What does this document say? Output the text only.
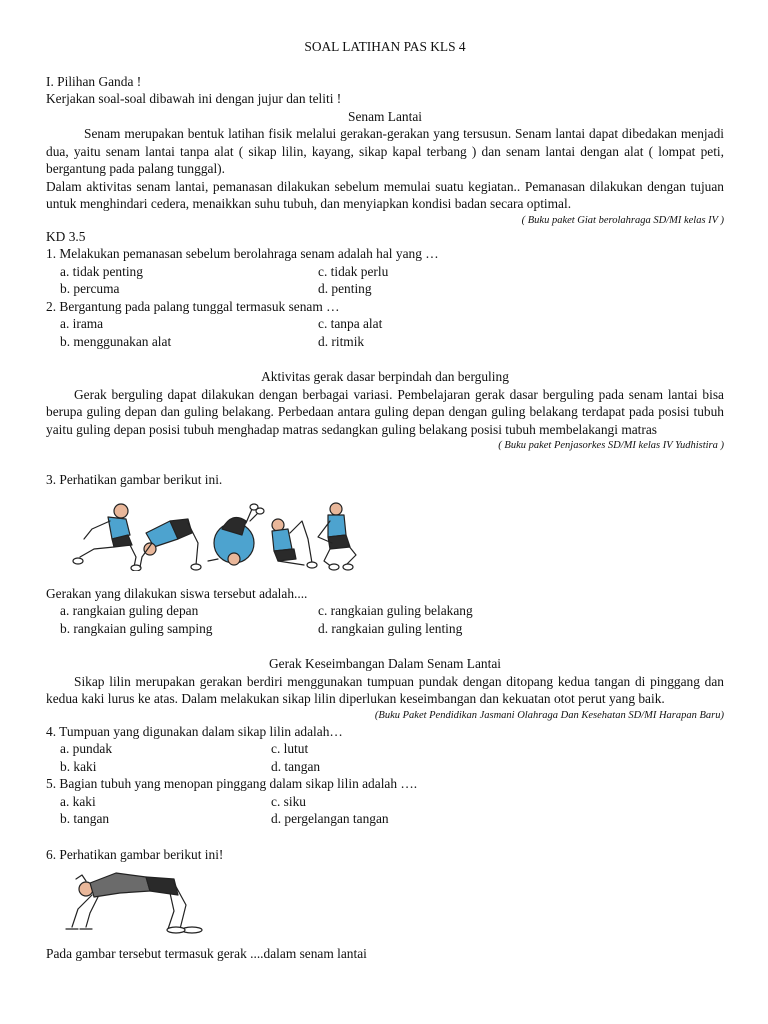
SOAL LATIHAN PAS KLS 4

I. Pilihan Ganda !

Kerjakan soal-soal dibawah ini dengan jujur dan teliti !

Senam Lantai

Senam merupakan bentuk latihan fisik melalui gerakan-gerakan yang tersusun. Senam lantai dapat dibedakan menjadi dua, yaitu senam lantai tanpa alat ( sikap lilin, kayang, sikap kapal terbang ) dan senam lantai dengan alat ( lompat peti, bergantung pada palang tunggal).

Dalam aktivitas senam lantai, pemanasan dilakukan sebelum memulai suatu kegiatan.. Pemanasan dilakukan dengan tujuan untuk menghindari cedera, menaikkan suhu tubuh, dan menyiapkan kondisi badan secara optimal.

( Buku paket Giat berolahraga SD/MI kelas IV )

KD 3.5

1. Melakukan pemanasan sebelum berolahraga senam adalah hal yang …

a. tidak penting	c. tidak perlu
b. percuma	d. penting

2. Bergantung pada palang tunggal termasuk senam …

a. irama	c. tanpa alat
b. menggunakan alat	d. ritmik

Aktivitas gerak dasar berpindah dan berguling

Gerak berguling dapat dilakukan dengan berbagai variasi. Pembelajaran gerak dasar berguling pada senam lantai bisa berupa guling depan dan guling belakang. Perbedaan antara guling depan dengan guling belakang terdapat pada posisi tubuh yaitu guling depan posisi tubuh menghadap matras sedangkan guling belakang posisi tubuh membelakangi matras

( Buku paket Penjasorkes SD/MI kelas IV Yudhistira )

3. Perhatikan gambar berikut ini.

Gerakan yang dilakukan siswa tersebut adalah....

a. rangkaian guling depan	c. rangkaian guling belakang
b. rangkaian guling samping	d. rangkaian guling lenting

Gerak Keseimbangan Dalam Senam Lantai

Sikap lilin merupakan gerakan berdiri menggunakan tumpuan pundak dengan ditopang kedua tangan di pinggang dan kedua kaki lurus ke atas. Dalam melakukan sikap lilin diperlukan keseimbangan dan kekuatan otot perut yang baik.

(Buku Paket Pendidikan Jasmani Olahraga Dan Kesehatan SD/MI Harapan Baru)

4. Tumpuan yang digunakan dalam sikap lilin adalah…

a. pundak	c. lutut
b. kaki	d. tangan

5. Bagian tubuh yang menopan pinggang dalam sikap lilin adalah ….

a. kaki	c. siku
b. tangan	d. pergelangan tangan

6. Perhatikan gambar berikut ini!

Pada gambar tersebut termasuk gerak ....dalam senam lantai
